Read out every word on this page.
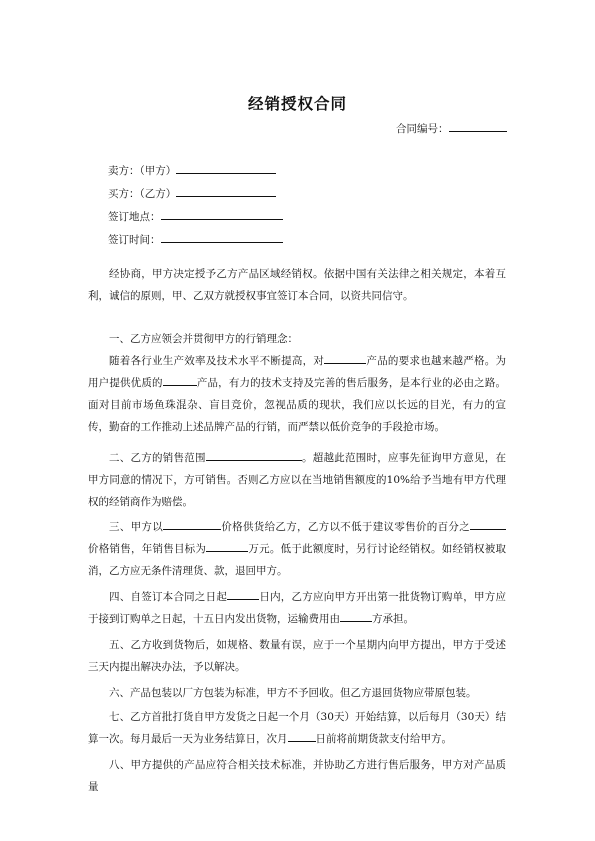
经销授权合同
合同编号：
卖方：（甲方）
买方：（乙方）
签订地点：
签订时间：

经协商，甲方决定授予乙方产品区域经销权。依据中国有关法律之相关规定，本着互利，诚信的原则，甲、乙双方就授权事宜签订本合同，以资共同信守。

一、乙方应领会并贯彻甲方的行销理念：

随着各行业生产效率及技术水平不断提高，对	产品的要求也越来越严格。为用户提供优质的	产品，有力的技术支持及完善的售后服务，是本行业的必由之路。面对目前市场鱼珠混杂、盲目竞价，忽视品质的现状，我们应以长远的目光，有力的宣传，勤奋的工作推动上述品牌产品的行销，而严禁以低价竞争的手段抢市场。

二、乙方的销售范围	。超越此范围时，应事先征询甲方意见，在甲方同意的情况下，方可销售。否则乙方应以在当地销售额度的10%给予当地有甲方代理权的经销商作为赔偿。

三、甲方以	价格供货给乙方，乙方以不低于建议零售价的百分之价格销售，年销售目标为	万元。低于此额度时，另行讨论经销权。如经销权被取消，乙方应无条件清理货、款，退回甲方。

四、自签订本合同之日起	日内，乙方应向甲方开出第一批货物订购单，甲方应于接到订购单之日起，十五日内发出货物，运输费用由	方承担。

五、乙方收到货物后，如规格、数量有误，应于一个星期内向甲方提出，甲方于受述三天内提出解决办法，予以解决。

六、产品包装以厂方包装为标准，甲方不予回收。但乙方退回货物应带原包装。

七、乙方首批打货自甲方发货之日起一个月（30天）开始结算，以后每月（30天）结算一次。每月最后一天为业务结算日，次月	日前将前期货款支付给甲方。

八、甲方提供的产品应符合相关技术标准，并协助乙方进行售后服务，甲方对产品质量
